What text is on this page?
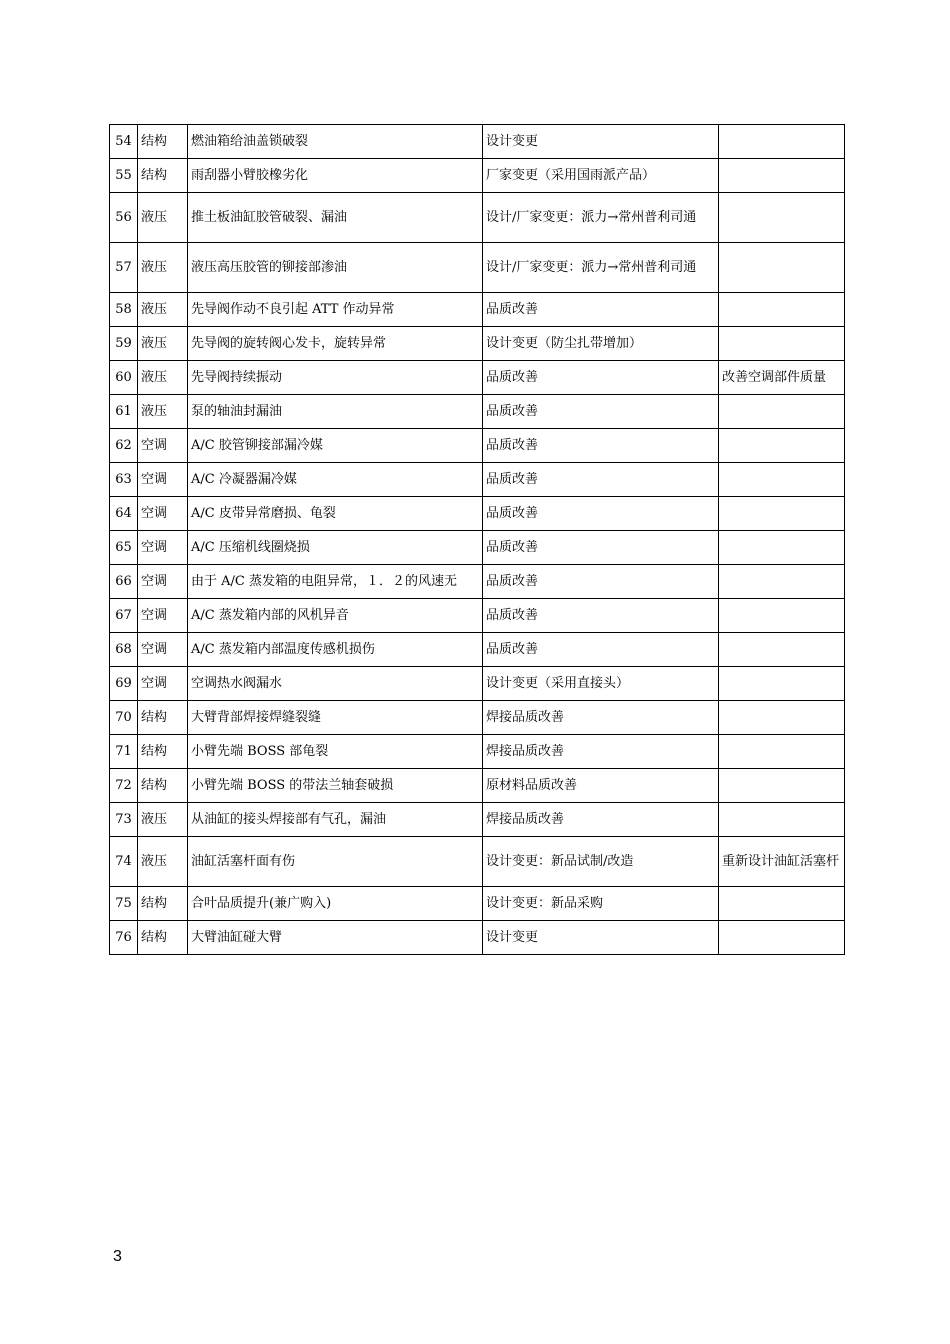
54	结构	燃油箱给油盖锁破裂	设计变更	
55	结构	雨刮器小臂胶橡劣化	厂家变更（采用国雨派产品）	
56	液压	推土板油缸胶管破裂、漏油	设计/厂家变更：派力→常州普利司通	
57	液压	液压高压胶管的铆接部渗油	设计/厂家变更：派力→常州普利司通	
58	液压	先导阀作动不良引起 ATT 作动异常	品质改善	
59	液压	先导阀的旋转阀心发卡，旋转异常	设计变更（防尘扎带增加）	
60	液压	先导阀持续振动	品质改善	改善空调部件质量
61	液压	泵的轴油封漏油	品质改善	
62	空调	A/C 胶管铆接部漏冷媒	品质改善	
63	空调	A/C 冷凝器漏冷媒	品质改善	
64	空调	A/C 皮带异常磨损、龟裂	品质改善	
65	空调	A/C 压缩机线圈烧损	品质改善	
66	空调	由于 A/C 蒸发箱的电阻异常，１．２的风速无	品质改善	
67	空调	A/C 蒸发箱内部的风机异音	品质改善	
68	空调	A/C 蒸发箱内部温度传感机损伤	品质改善	
69	空调	空调热水阀漏水	设计变更（采用直接头）	
70	结构	大臂背部焊接焊缝裂缝	焊接品质改善	
71	结构	小臂先端 BOSS 部龟裂	焊接品质改善	
72	结构	小臂先端 BOSS 的带法兰轴套破损	原材料品质改善	
73	液压	从油缸的接头焊接部有气孔，漏油	焊接品质改善	
74	液压	油缸活塞杆面有伤	设计变更：新品试制/改造	重新设计油缸活塞杆
75	结构	合叶品质提升(兼广购入)	设计变更：新品采购	
76	结构	大臂油缸碰大臂	设计变更	
3
